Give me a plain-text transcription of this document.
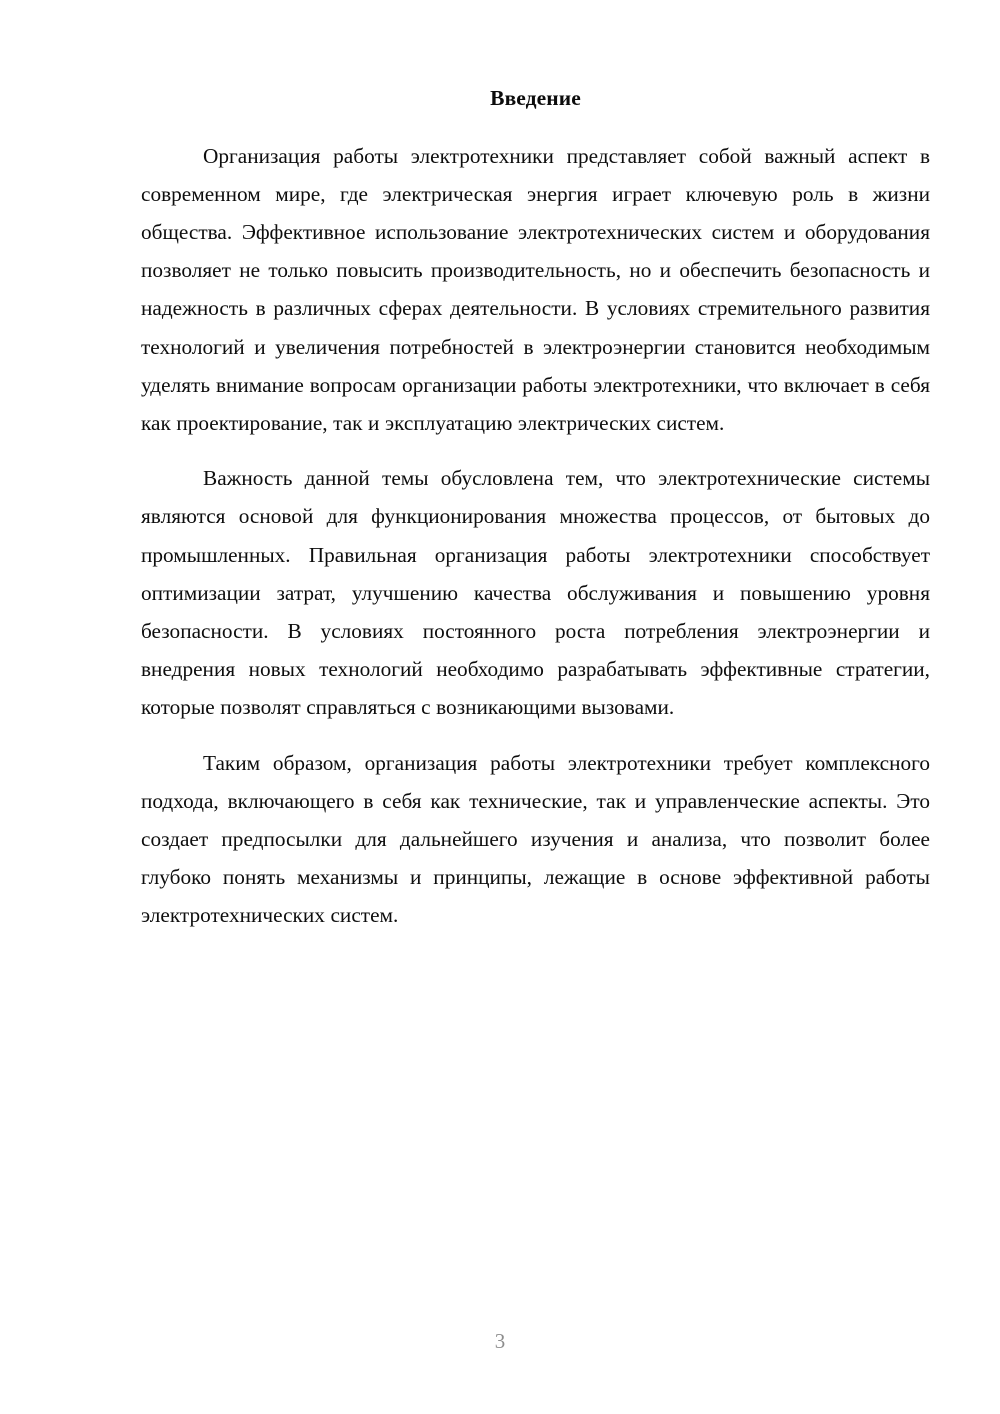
Введение

Организация работы электротехники представляет собой важный аспект в современном мире, где электрическая энергия играет ключевую роль в жизни общества. Эффективное использование электротехнических систем и оборудования позволяет не только повысить производительность, но и обеспечить безопасность и надежность в различных сферах деятельности. В условиях стремительного развития технологий и увеличения потребностей в электроэнергии становится необходимым уделять внимание вопросам организации работы электротехники, что включает в себя как проектирование, так и эксплуатацию электрических систем.

Важность данной темы обусловлена тем, что электротехнические системы являются основой для функционирования множества процессов, от бытовых до промышленных. Правильная организация работы электротехники способствует оптимизации затрат, улучшению качества обслуживания и повышению уровня безопасности. В условиях постоянного роста потребления электроэнергии и внедрения новых технологий необходимо разрабатывать эффективные стратегии, которые позволят справляться с возникающими вызовами.

Таким образом, организация работы электротехники требует комплексного подхода, включающего в себя как технические, так и управленческие аспекты. Это создает предпосылки для дальнейшего изучения и анализа, что позволит более глубоко понять механизмы и принципы, лежащие в основе эффективной работы электротехнических систем.

3
